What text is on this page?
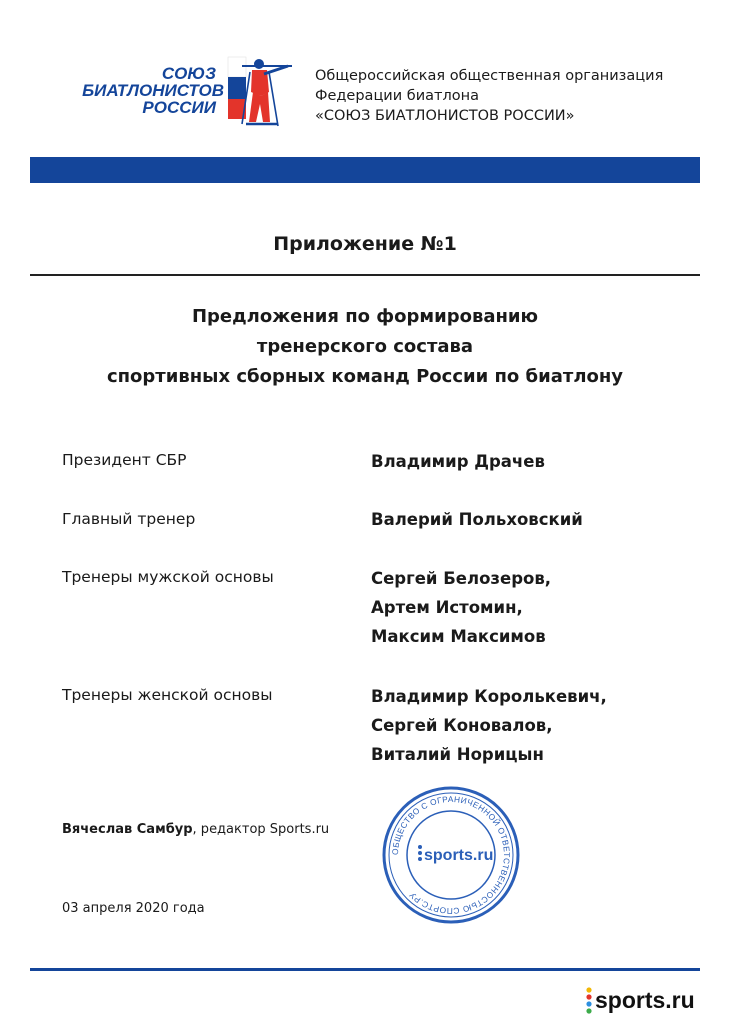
СОЮЗ
БИАТЛОНИСТОВ
РОССИИ
Общероссийская общественная организация
Федерации биатлона
«СОЮЗ БИАТЛОНИСТОВ РОССИИ»
Приложение №1
Предложения по формированию
тренерского состава
спортивных сборных команд России по биатлону
Президент СБР	Владимир Драчев
Главный тренер	Валерий Польховский
Тренеры мужской основы	Сергей Белозеров,
Артем Истомин,
Максим Максимов
Тренеры женской основы	Владимир Королькевич,
Сергей Коновалов,
Виталий Норицын
Вячеслав Самбур, редактор Sports.ru
03 апреля 2020 года
ОБЩЕСТВО С ОГРАНИЧЕННОЙ ОТВЕТСТВЕННОСТЬЮ СПОРТС.РУ
sports.ru
sports.ru
